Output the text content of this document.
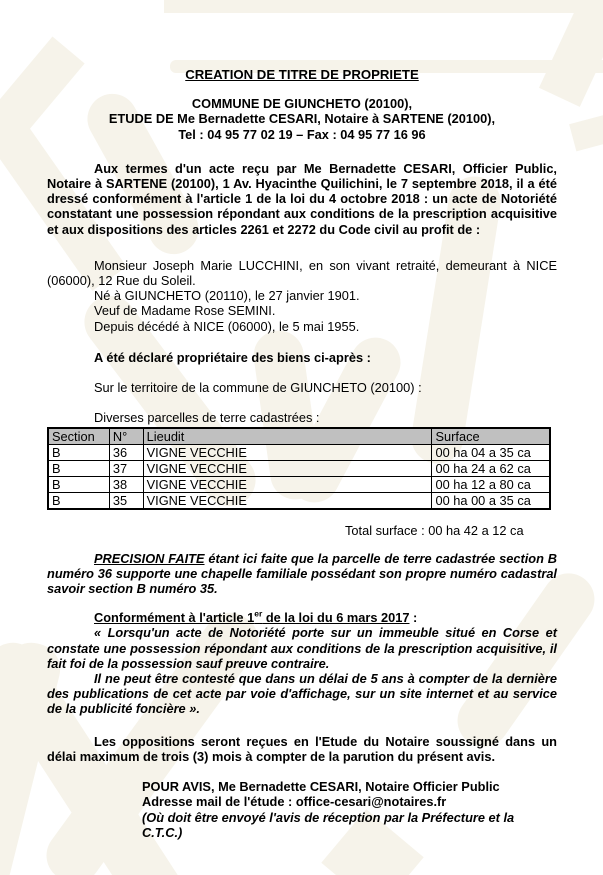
CREATION DE TITRE DE PROPRIETE

COMMUNE DE GIUNCHETO (20100),

ETUDE DE Me Bernadette CESARI, Notaire à SARTENE (20100),

Tel : 04 95 77 02 19 – Fax : 04 95 77 16 96

Aux termes d'un acte reçu par Me Bernadette CESARI, Officier Public, Notaire à SARTENE (20100), 1 Av. Hyacinthe Quilichini, le 7 septembre 2018, il a été dressé conformément à l'article 1 de la loi du 4 octobre 2018 : un acte de Notoriété constatant une possession répondant aux conditions de la prescription acquisitive et aux dispositions des articles 2261 et 2272 du Code civil au profit de :

Monsieur Joseph Marie LUCCHINI, en son vivant retraité, demeurant à NICE (06000), 12 Rue du Soleil.

Né à GIUNCHETO (20110), le 27 janvier 1901.

Veuf de Madame Rose SEMINI.

Depuis décédé à NICE (06000), le 5 mai 1955.

A été déclaré propriétaire des biens ci-après :

Sur le territoire de la commune de GIUNCHETO (20100) :

Diverses parcelles de terre cadastrées :

Section	N°	Lieudit	Surface
B	36	VIGNE VECCHIE	00 ha 04 a 35 ca
B	37	VIGNE VECCHIE	00 ha 24 a 62 ca
B	38	VIGNE VECCHIE	00 ha 12 a 80 ca
B	35	VIGNE VECCHIE	00 ha 00 a 35 ca

Total surface : 00 ha 42 a 12 ca

PRECISION FAITE étant ici faite que la parcelle de terre cadastrée section B numéro 36 supporte une chapelle familiale possédant son propre numéro cadastral savoir section B numéro 35.

Conformément à l'article 1er de la loi du 6 mars 2017 :

« Lorsqu'un acte de Notoriété porte sur un immeuble situé en Corse et constate une possession répondant aux conditions de la prescription acquisitive, il fait foi de la possession sauf preuve contraire.

Il ne peut être contesté que dans un délai de 5 ans à compter de la dernière des publications de cet acte par voie d'affichage, sur un site internet et au service de la publicité foncière ».

Les oppositions seront reçues en l'Etude du Notaire soussigné dans un délai maximum de trois (3) mois à compter de la parution du présent avis.

POUR AVIS, Me Bernadette CESARI, Notaire Officier Public

Adresse mail de l'étude : office-cesari@notaires.fr

(Où doit être envoyé l'avis de réception par la Préfecture et la C.T.C.)
